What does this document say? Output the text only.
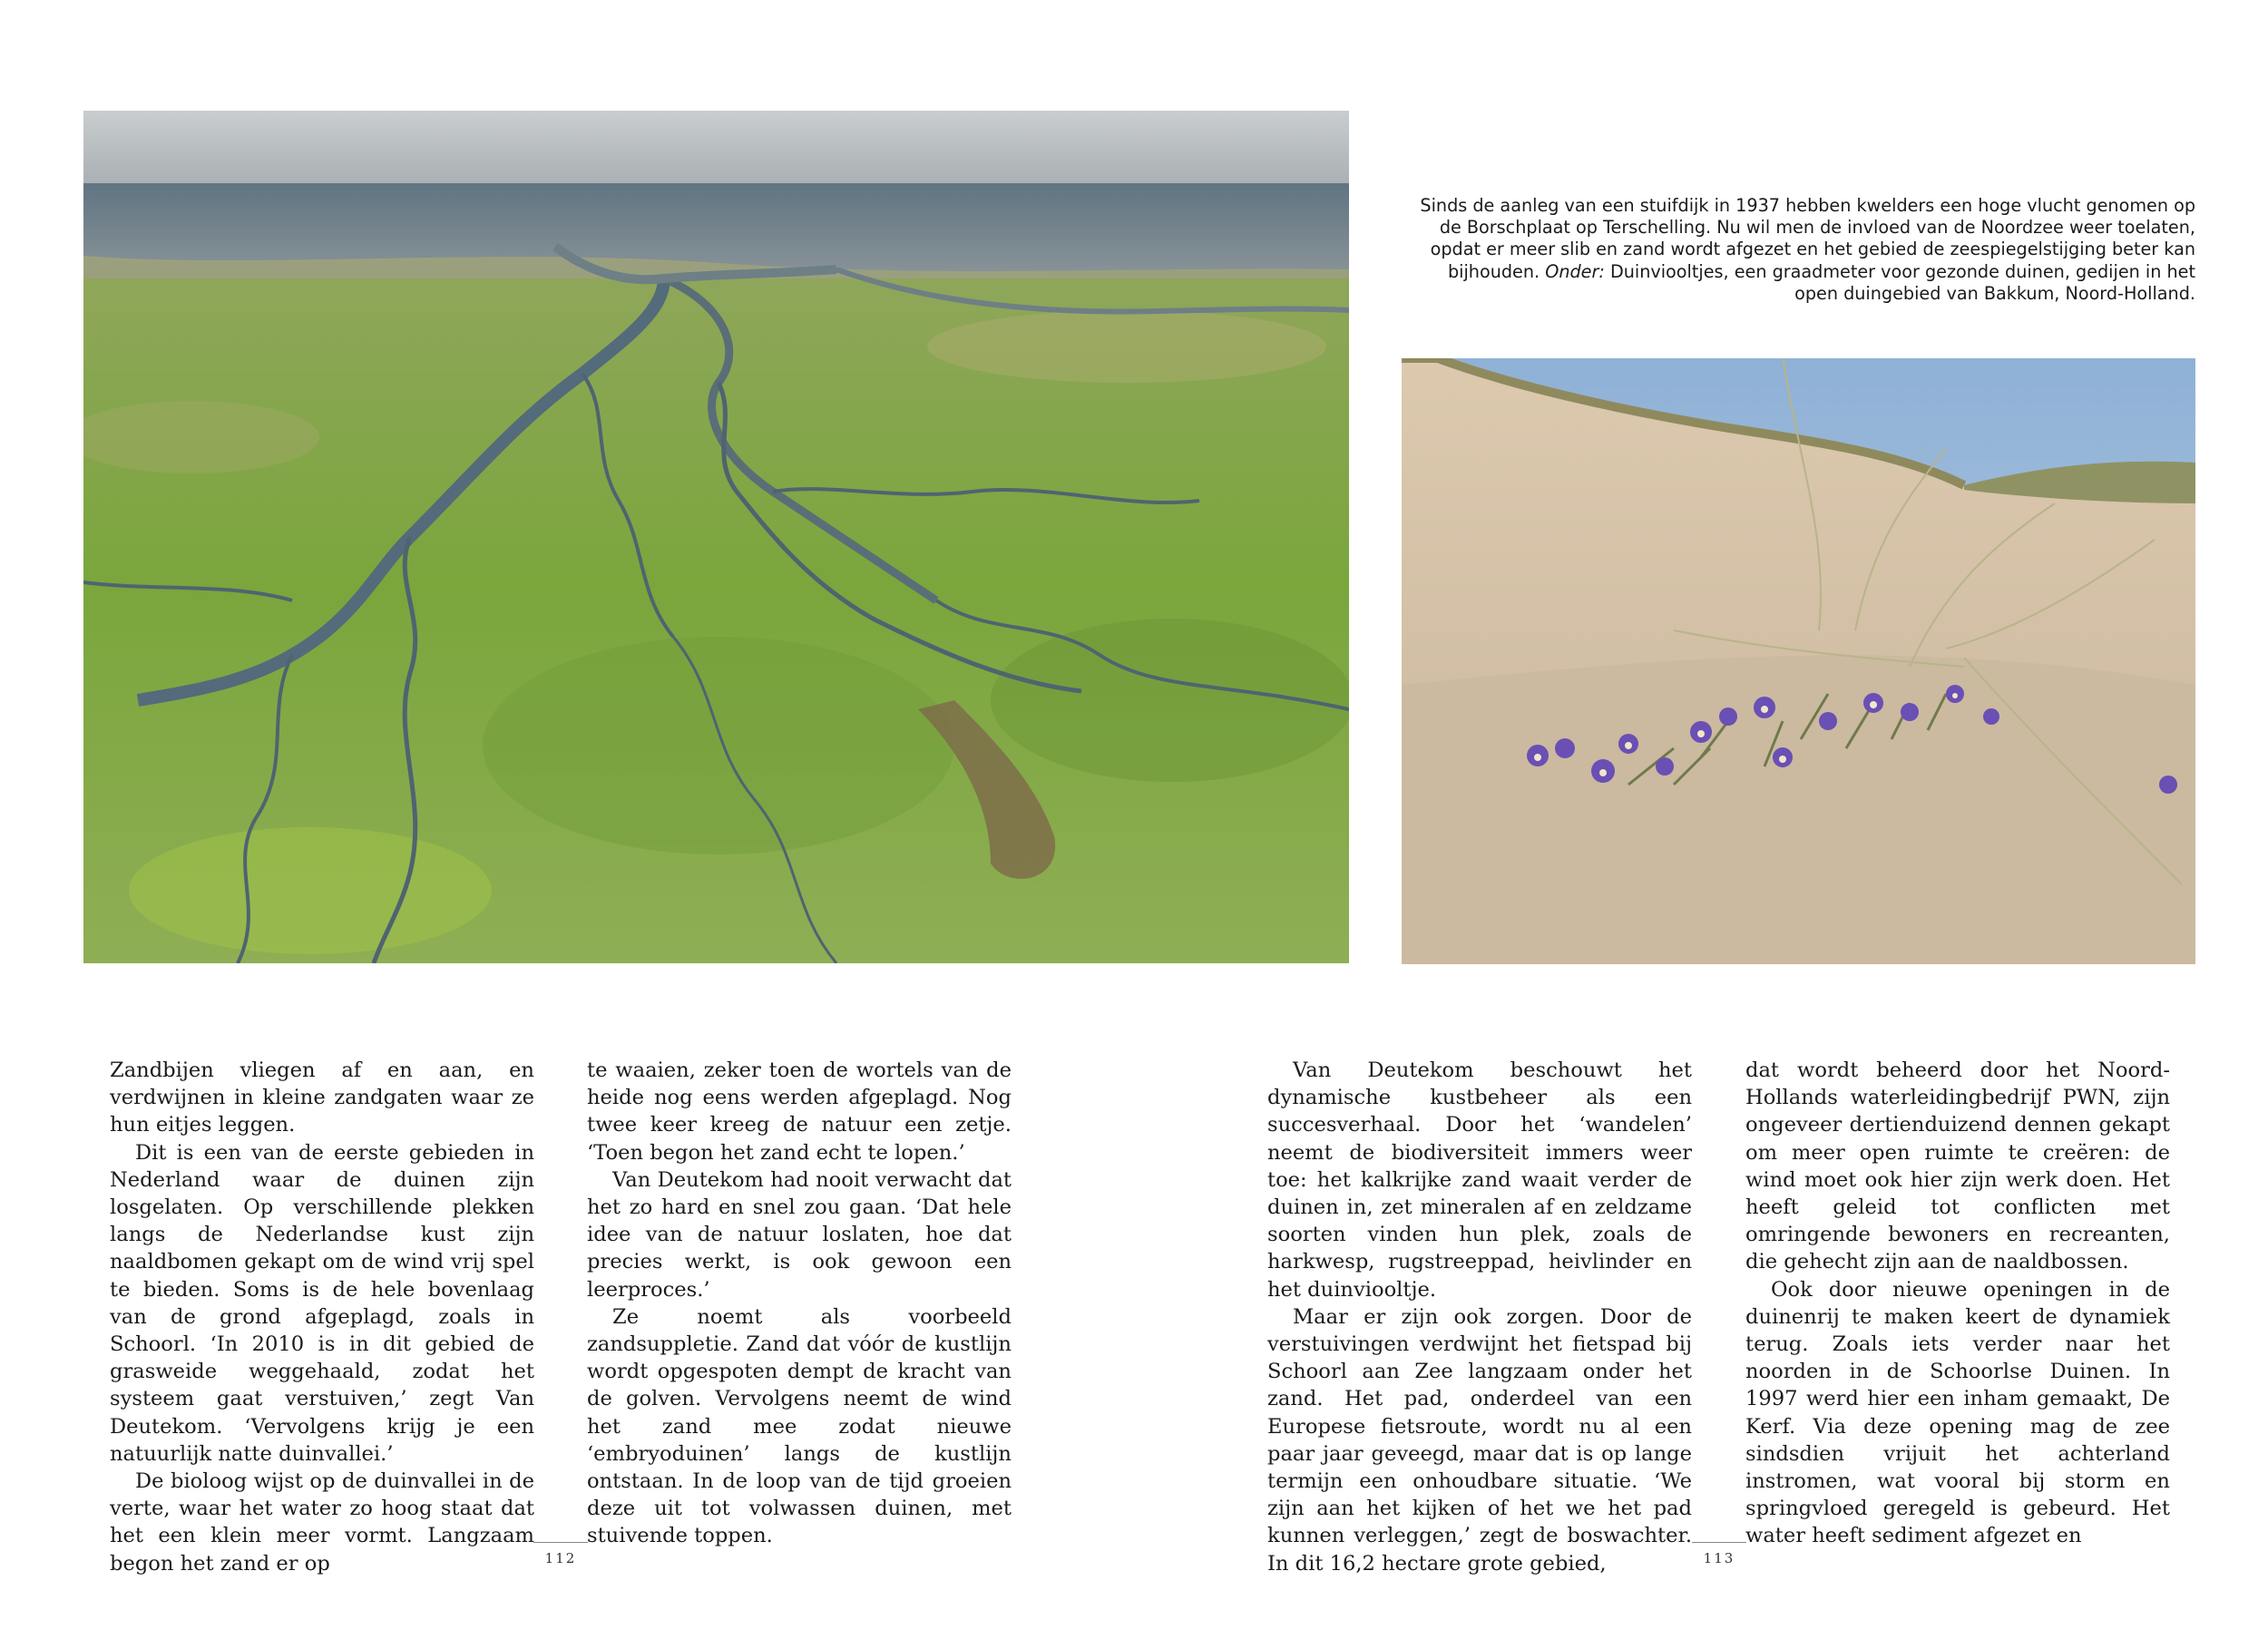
Sinds de aanleg van een stuifdijk in 1937 hebben kwelders een hoge vlucht genomen op de Borschplaat op Terschelling. Nu wil men de invloed van de Noordzee weer toelaten, opdat er meer slib en zand wordt afgezet en het gebied de zeespiegelstijging beter kan bijhouden. Onder: Duinviooltjes, een graadmeter voor gezonde duinen, gedijen in het open duingebied van Bakkum, Noord-Holland.

Zandbijen vliegen af en aan, en verdwijnen in kleine zandgaten waar ze hun eitjes leggen.

Dit is een van de eerste gebieden in Nederland waar de duinen zijn losgelaten. Op verschillende plekken langs de Nederlandse kust zijn naaldbomen gekapt om de wind vrij spel te bieden. Soms is de hele bovenlaag van de grond afgeplagd, zoals in Schoorl. ‘In 2010 is in dit gebied de grasweide weggehaald, zodat het systeem gaat verstuiven,’ zegt Van Deutekom. ‘Vervolgens krijg je een natuurlijk natte duinvallei.’

De bioloog wijst op de duinvallei in de verte, waar het water zo hoog staat dat het een klein meer vormt. Langzaam begon het zand er op

te waaien, zeker toen de wortels van de heide nog eens werden afgeplagd. Nog twee keer kreeg de natuur een zetje. ‘Toen begon het zand echt te lopen.’

Van Deutekom had nooit verwacht dat het zo hard en snel zou gaan. ‘Dat hele idee van de natuur loslaten, hoe dat precies werkt, is ook gewoon een leerproces.’

Ze noemt als voorbeeld zandsuppletie. Zand dat vóór de kustlijn wordt opgespoten dempt de kracht van de golven. Vervolgens neemt de wind het zand mee zodat nieuwe ‘embryoduinen’ langs de kustlijn ontstaan. In de loop van de tijd groeien deze uit tot volwassen duinen, met stuivende toppen.

Van Deutekom beschouwt het dynamische kustbeheer als een succesverhaal. Door het ‘wandelen’ neemt de biodiversiteit immers weer toe: het kalkrijke zand waait verder de duinen in, zet mineralen af en zeldzame soorten vinden hun plek, zoals de harkwesp, rugstreeppad, heivlinder en het duinviooltje.

Maar er zijn ook zorgen. Door de verstuivingen verdwijnt het fietspad bij Schoorl aan Zee langzaam onder het zand. Het pad, onderdeel van een Europese fietsroute, wordt nu al een paar jaar geveegd, maar dat is op lange termijn een onhoudbare situatie. ‘We zijn aan het kijken of het we het pad kunnen verleggen,’ zegt de boswachter. In dit 16,2 hectare grote gebied,

dat wordt beheerd door het Noord-Hollands waterleidingbedrijf PWN, zijn ongeveer dertienduizend dennen gekapt om meer open ruimte te creëren: de wind moet ook hier zijn werk doen. Het heeft geleid tot conflicten met omringende bewoners en recreanten, die gehecht zijn aan de naaldbossen.

Ook door nieuwe openingen in de duinenrij te maken keert de dynamiek terug. Zoals iets verder naar het noorden in de Schoorlse Duinen. In 1997 werd hier een inham gemaakt, De Kerf. Via deze opening mag de zee sindsdien vrijuit het achterland instromen, wat vooral bij storm en springvloed geregeld is gebeurd. Het water heeft sediment afgezet en

112	113
